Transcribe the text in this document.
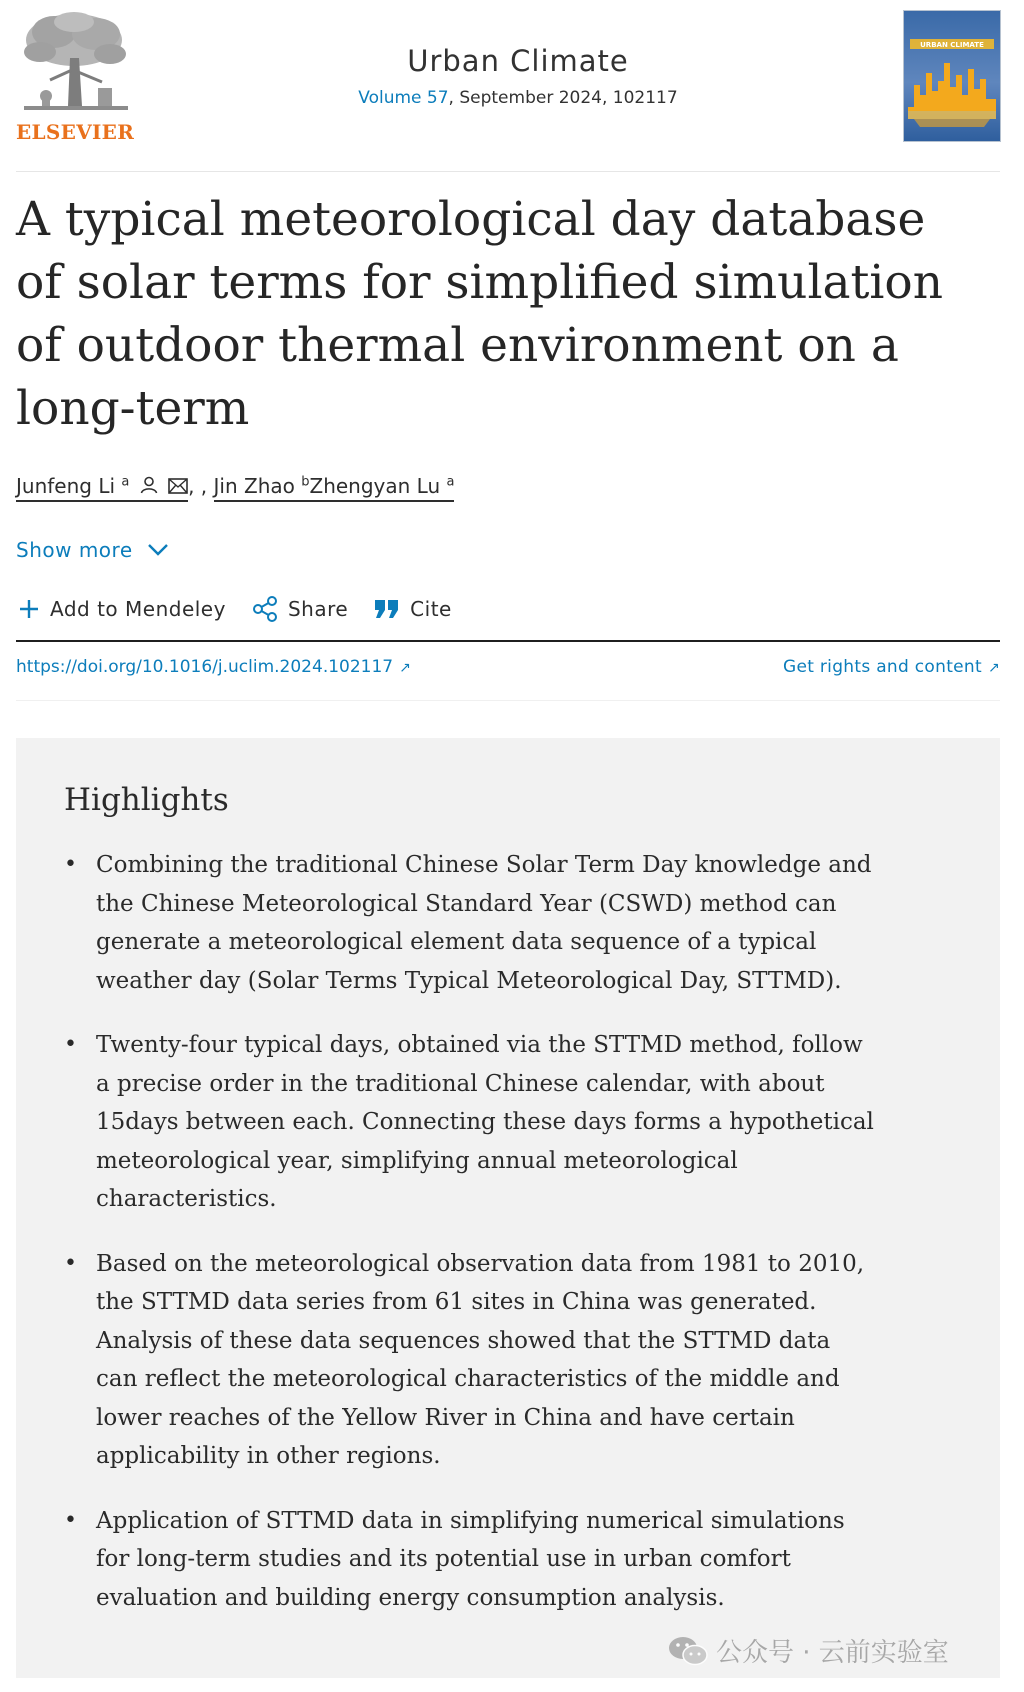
ELSEVIER
Urban Climate
Volume 57, September 2024, 102117
URBAN CLIMATE
A typical meteorological day database of solar terms for simplified simulation of outdoor thermal environment on a long-term
Junfeng Li $^a$	, , Jin Zhao $^b$Zhengyan Lu $^a$
Show more
Add to Mendeley	Share	Cite
https://doi.org/10.1016/j.uclim.2024.102117 ↗	Get rights and content ↗
Highlights
• Combining the traditional Chinese Solar Term Day knowledge and the Chinese Meteorological Standard Year (CSWD) method can generate a meteorological element data sequence of a typical weather day (Solar Terms Typical Meteorological Day, STTMD).
• Twenty-four typical days, obtained via the STTMD method, follow a precise order in the traditional Chinese calendar, with about 15days between each. Connecting these days forms a hypothetical meteorological year, simplifying annual meteorological characteristics.
• Based on the meteorological observation data from 1981 to 2010, the STTMD data series from 61 sites in China was generated. Analysis of these data sequences showed that the STTMD data can reflect the meteorological characteristics of the middle and lower reaches of the Yellow River in China and have certain applicability in other regions.
• Application of STTMD data in simplifying numerical simulations for long-term studies and its potential use in urban comfort evaluation and building energy consumption analysis.
公众号 · 云前实验室
